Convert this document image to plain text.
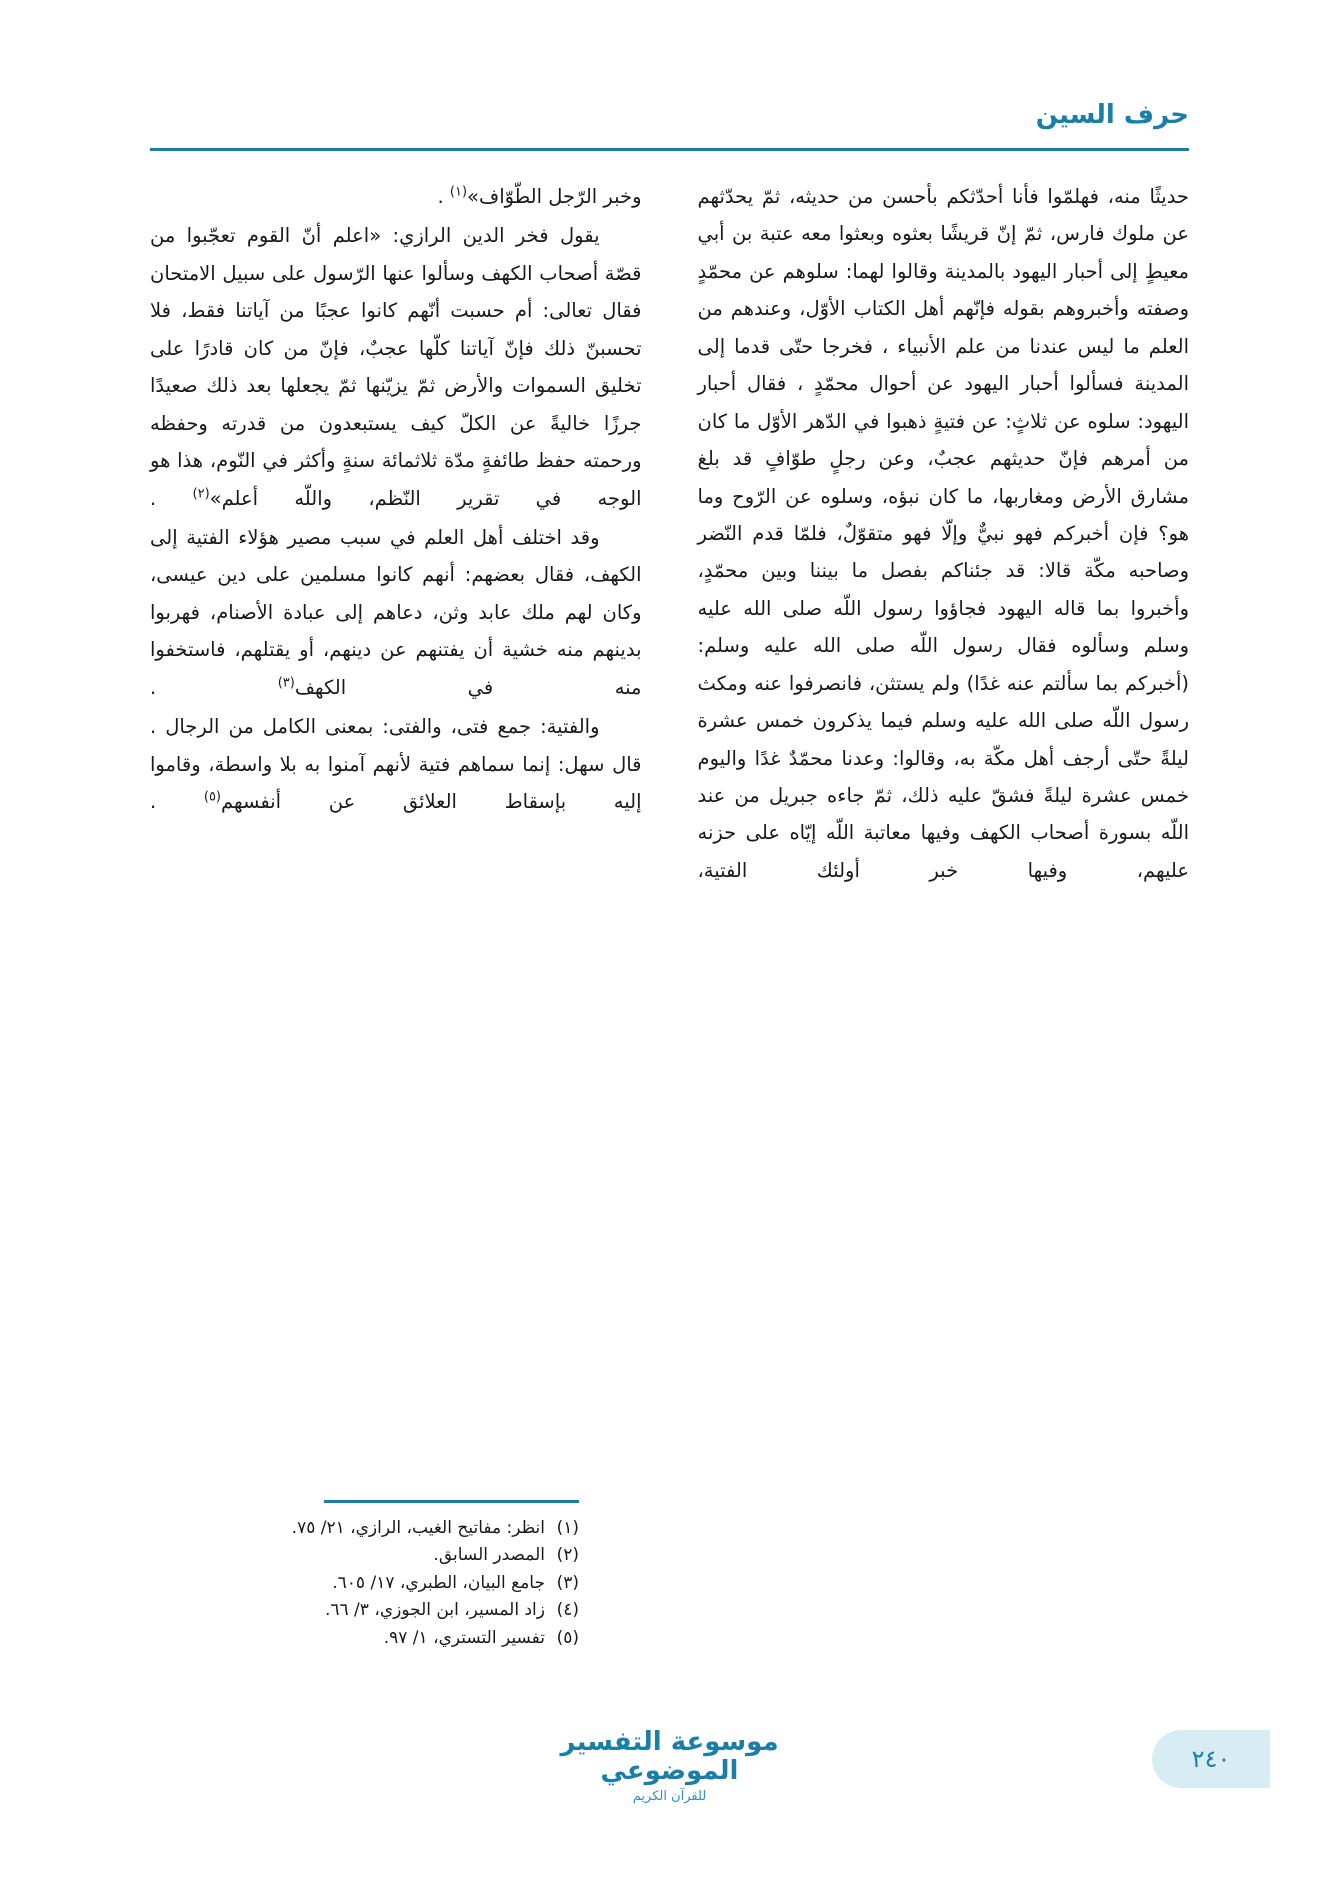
حرف السين

حديثًا منه، فهلمّوا فأنا أحدّثكم بأحسن من حديثه، ثمّ يحدّثهم عن ملوك فارس، ثمّ إنّ قريشًا بعثوه وبعثوا معه عتبة بن أبي معيطٍ إلى أحبار اليهود بالمدينة وقالوا لهما: سلوهم عن محمّدٍ وصفته وأخبروهم بقوله فإنّهم أهل الكتاب الأوّل، وعندهم من العلم ما ليس عندنا من علم الأنبياء ، فخرجا حتّى قدما إلى المدينة فسألوا أحبار اليهود عن أحوال محمّدٍ ، فقال أحبار اليهود: سلوه عن ثلاثٍ: عن فتيةٍ ذهبوا في الدّهر الأوّل ما كان من أمرهم فإنّ حديثهم عجبٌ، وعن رجلٍ طوّافٍ قد بلغ مشارق الأرض ومغاربها، ما كان نبؤه، وسلوه عن الرّوح وما هو؟ فإن أخبركم فهو نبيٌّ وإلّا فهو متقوّلٌ، فلمّا قدم النّضر وصاحبه مكّة قالا: قد جئناكم بفصل ما بيننا وبين محمّدٍ، وأخبروا بما قاله اليهود فجاؤوا رسول اللّه صلى الله عليه وسلم وسألوه فقال رسول اللّه صلى الله عليه وسلم: (أخبركم بما سألتم عنه غدًا) ولم يستثن، فانصرفوا عنه ومكث رسول اللّه صلى الله عليه وسلم فيما يذكرون خمس عشرة ليلةً حتّى أرجف أهل مكّة به، وقالوا: وعدنا محمّدٌ غدًا واليوم خمس عشرة ليلةً فشقّ عليه ذلك، ثمّ جاءه جبريل من عند اللّه بسورة أصحاب الكهف وفيها معاتبة اللّه إيّاه على حزنه عليهم، وفيها خبر أولئك الفتية،

وخبر الرّجل الطّوّاف»$^{(١)}$ .

يقول فخر الدين الرازي: «اعلم أنّ القوم تعجّبوا من قصّة أصحاب الكهف وسألوا عنها الرّسول على سبيل الامتحان فقال تعالى: أم حسبت أنّهم كانوا عجبًا من آياتنا فقط، فلا تحسبنّ ذلك فإنّ آياتنا كلّها عجبٌ، فإنّ من كان قادرًا على تخليق السموات والأرض ثمّ يزيّنها ثمّ يجعلها بعد ذلك صعيدًا جرزًا خاليةً عن الكلّ كيف يستبعدون من قدرته وحفظه ورحمته حفظ طائفةٍ مدّة ثلاثمائة سنةٍ وأكثر في النّوم، هذا هو الوجه في تقرير النّظم، واللّه أعلم»$^{(٢)}$ .

وقد اختلف أهل العلم في سبب مصير هؤلاء الفتية إلى الكهف، فقال بعضهم: أنهم كانوا مسلمين على دين عيسى، وكان لهم ملك عابد وثن، دعاهم إلى عبادة الأصنام، فهربوا بدينهم منه خشية أن يفتنهم عن دينهم، أو يقتلهم، فاستخفوا منه في الكهف$^{(٣)}$ .

والفتية: جمع فتى، والفتى: بمعنى الكامل من الرجال . قال سهل: إنما سماهم فتية لأنهم آمنوا به بلا واسطة، وقاموا إليه بإسقاط العلائق عن أنفسهم$^{(٥)}$ .

(١)انظر: مفاتيح الغيب، الرازي، ٢١/ ٧٥.
(٢)المصدر السابق.
(٣)جامع البيان، الطبري، ١٧/ ٦٠٥.
(٤)زاد المسير، ابن الجوزي، ٣/ ٦٦.
(٥)تفسير التستري، ١/ ٩٧.
موسوعة التفسير الموضوعي
للقرآن الكريم
٢٤٠
